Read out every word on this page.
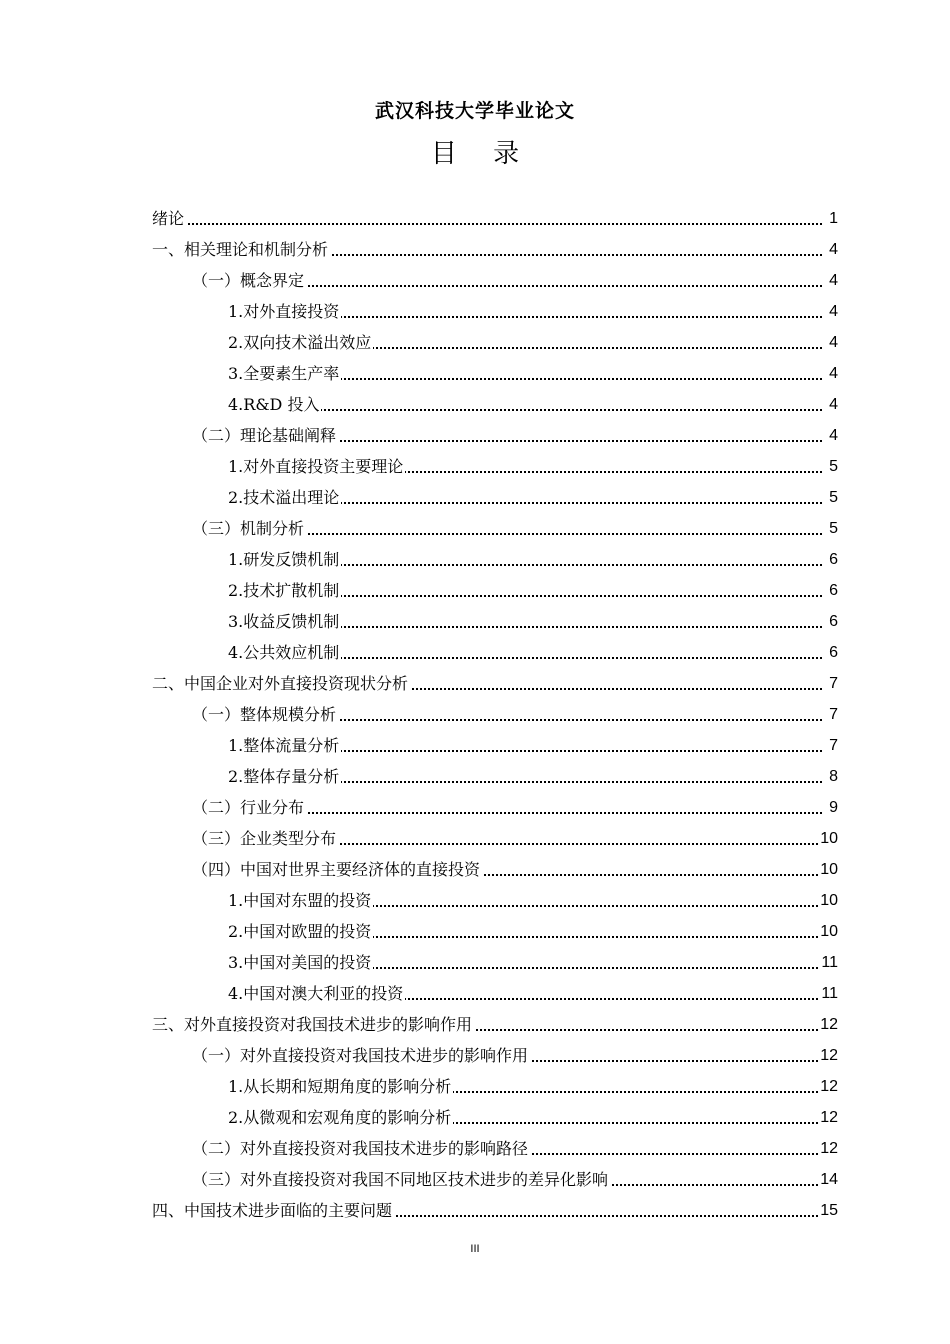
武汉科技大学毕业论文
目 录
绪论	1
一、相关理论和机制分析	4
（一）概念界定	4
1.对外直接投资	4
2.双向技术溢出效应	4
3.全要素生产率	4
4.R&D 投入	4
（二）理论基础阐释	4
1.对外直接投资主要理论	5
2.技术溢出理论	5
（三）机制分析	5
1.研发反馈机制	6
2.技术扩散机制	6
3.收益反馈机制	6
4.公共效应机制	6
二、中国企业对外直接投资现状分析	7
（一）整体规模分析	7
1.整体流量分析	7
2.整体存量分析	8
（二）行业分布	9
（三）企业类型分布	10
（四）中国对世界主要经济体的直接投资	10
1.中国对东盟的投资	10
2.中国对欧盟的投资	10
3.中国对美国的投资	11
4.中国对澳大利亚的投资	11
三、对外直接投资对我国技术进步的影响作用	12
（一）对外直接投资对我国技术进步的影响作用	12
1.从长期和短期角度的影响分析	12
2.从微观和宏观角度的影响分析	12
（二）对外直接投资对我国技术进步的影响路径	12
（三）对外直接投资对我国不同地区技术进步的差异化影响	14
四、中国技术进步面临的主要问题	15
III
